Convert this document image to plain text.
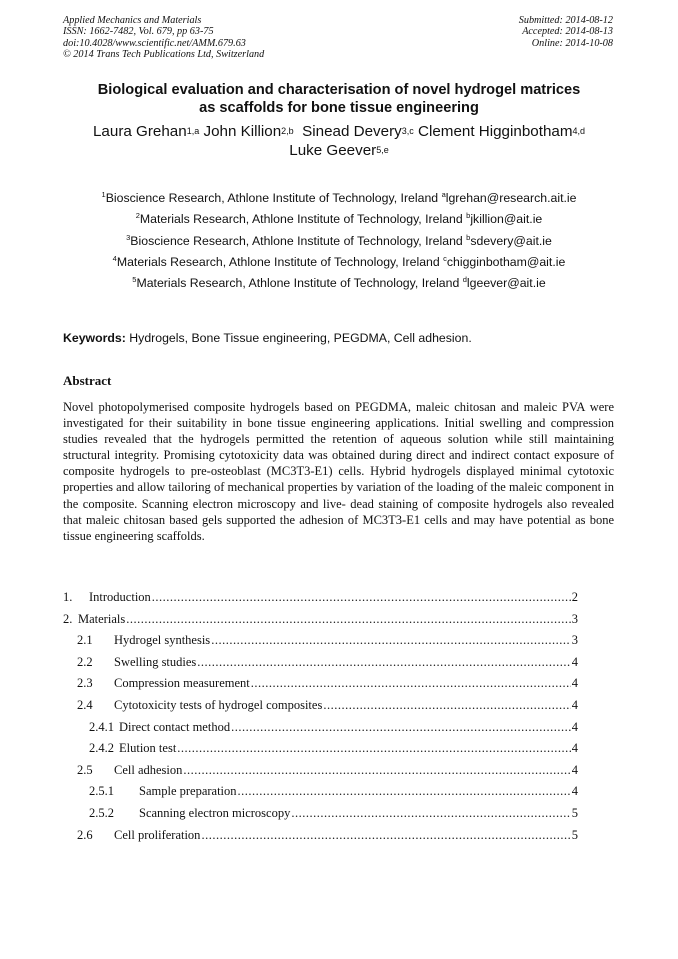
Applied Mechanics and Materials
ISSN: 1662-7482, Vol. 679, pp 63-75
doi:10.4028/www.scientific.net/AMM.679.63
© 2014 Trans Tech Publications Ltd, Switzerland
Submitted: 2014-08-12
Accepted: 2014-08-13
Online: 2014-10-08
Biological evaluation and characterisation of novel hydrogel matrices
as scaffolds for bone tissue engineering
Laura Grehan$^{1,a}$ John Killion$^{2,b}$ Sinead Devery$^{3,c}$ Clement Higginbotham$^{4,d}$
Luke Geever$^{5,e}$
$^1$Bioscience Research, Athlone Institute of Technology, Ireland $^a$lgrehan@research.ait.ie
$^2$Materials Research, Athlone Institute of Technology, Ireland $^b$jkillion@ait.ie
$^3$Bioscience Research, Athlone Institute of Technology, Ireland $^b$sdevery@ait.ie
$^4$Materials Research, Athlone Institute of Technology, Ireland $^c$chigginbotham@ait.ie
$^5$Materials Research, Athlone Institute of Technology, Ireland $^d$lgeever@ait.ie
Keywords: Hydrogels, Bone Tissue engineering, PEGDMA, Cell adhesion.
Abstract
Novel photopolymerised composite hydrogels based on PEGDMA, maleic chitosan and maleic PVA were investigated for their suitability in bone tissue engineering applications. Initial swelling and compression studies revealed that the hydrogels permitted the retention of aqueous solution while still maintaining structural integrity. Promising cytotoxicity data was obtained during direct and indirect contact exposure of composite hydrogels to pre-osteoblast (MC3T3-E1) cells. Hybrid hydrogels displayed minimal cytotoxic properties and allow tailoring of mechanical properties by variation of the loading of the maleic component in the composite. Scanning electron microscopy and live- dead staining of composite hydrogels also revealed that maleic chitosan based gels supported the adhesion of MC3T3-E1 cells and may have potential as bone tissue engineering scaffolds.
1.	Introduction .....	2
2. Materials .....	3
2.1	Hydrogel synthesis .....	3
2.2	Swelling studies .....	4
2.3	Compression measurement .....	4
2.4	Cytotoxicity tests of hydrogel composites .....	4
2.4.1 Direct contact method .....	4
2.4.2 Elution test .....	4
2.5	Cell adhesion .....	4
2.5.1	Sample preparation .....	4
2.5.2	Scanning electron microscopy .....	5
2.6	Cell proliferation .....	5
